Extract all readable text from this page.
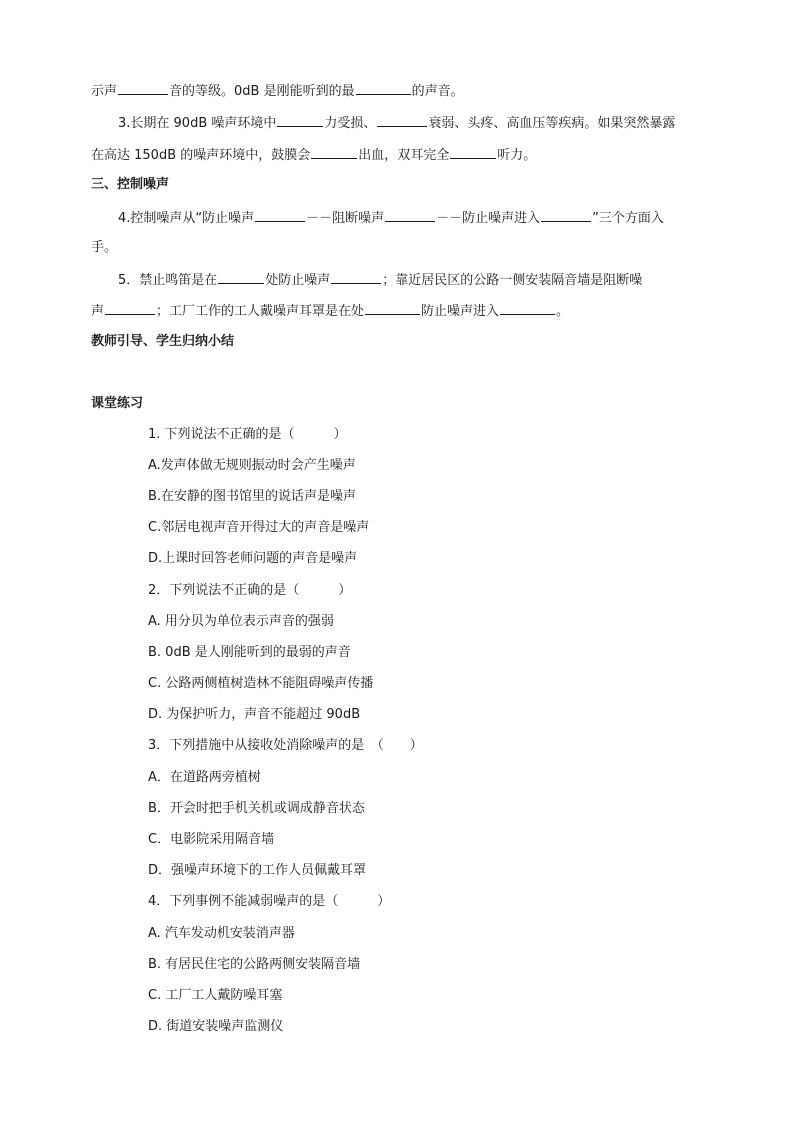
示声	音的等级。0dB 是刚能听到的最	的声音。
3.长期在 90dB 噪声环境中	力受损、	衰弱、头疼、高血压等疾病。如果突然暴露
在高达 150dB 的噪声环境中，鼓膜会	出血，双耳完全	听力。
三、控制噪声
4.控制噪声从“防止噪声	－－阻断噪声	－－防止噪声进入	”三个方面入
手。
5．禁止鸣笛是在	处防止噪声	；靠近居民区的公路一侧安装隔音墙是阻断噪
声	；工厂工作的工人戴噪声耳罩是在处	防止噪声进入	。
教师引导、学生归纳小结
课堂练习
1. 下列说法不正确的是（　　　）
A.发声体做无规则振动时会产生噪声
B.在安静的图书馆里的说话声是噪声
C.邻居电视声音开得过大的声音是噪声
D.上课时回答老师问题的声音是噪声
2．下列说法不正确的是（　　　）
A. 用分贝为单位表示声音的强弱
B. 0dB 是人刚能听到的最弱的声音
C. 公路两侧植树造林不能阻碍噪声传播
D. 为保护听力，声音不能超过 90dB
3．下列措施中从接收处消除噪声的是　（　　）
A．在道路两旁植树
B．开会时把手机关机或调成静音状态
C．电影院采用隔音墙
D．强噪声环境下的工作人员佩戴耳罩
4．下列事例不能减弱噪声的是（　　　）
A. 汽车发动机安装消声器
B. 有居民住宅的公路两侧安装隔音墙
C. 工厂工人戴防噪耳塞
D. 街道安装噪声监测仪
